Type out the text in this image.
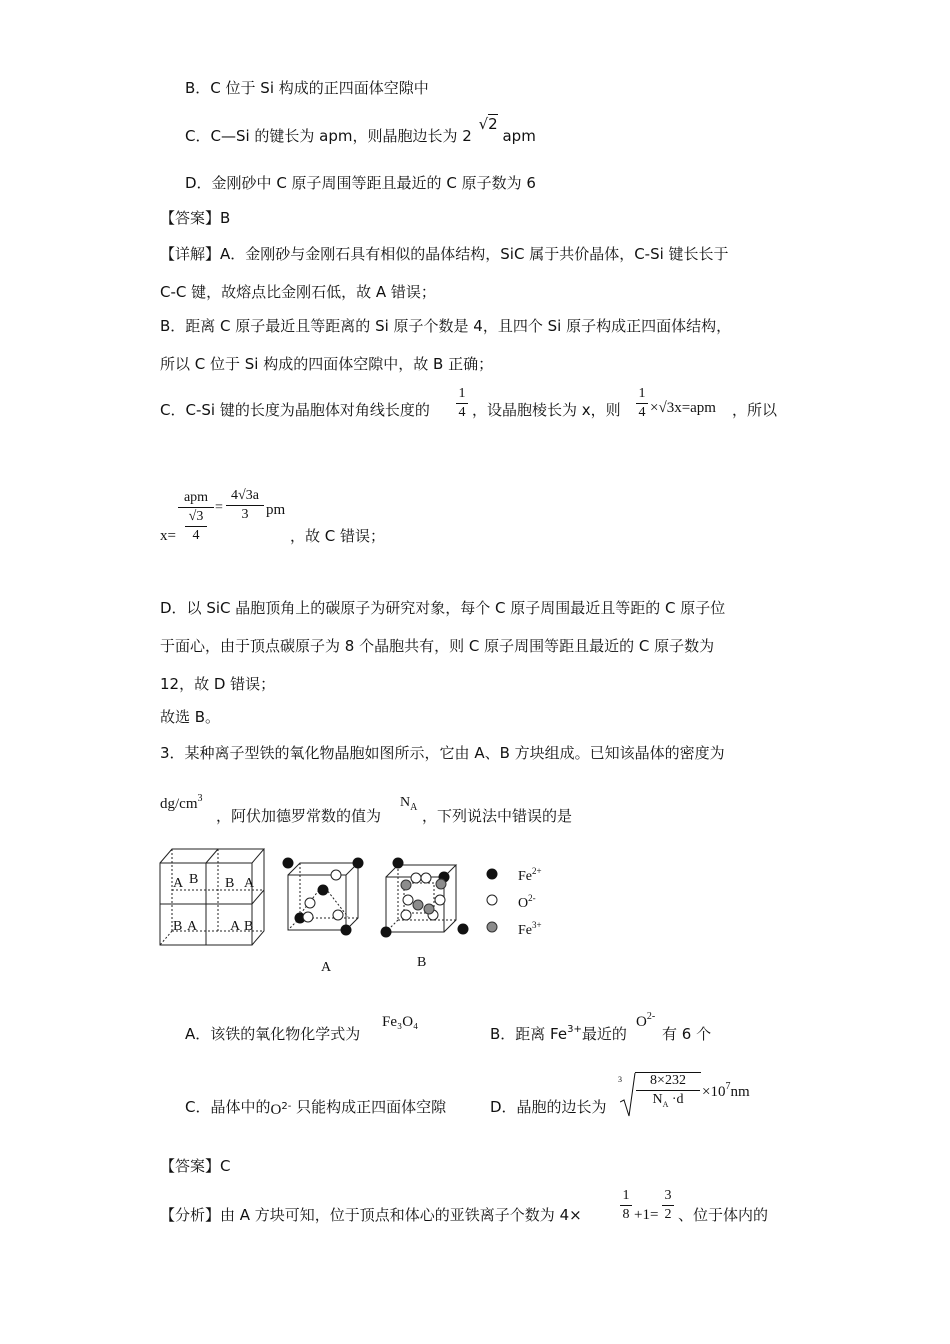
B．C 位于 Si 构成的正四面体空隙中
C．C—Si 的键长为 apm，则晶胞边长为 2 √2 apm
D．金刚砂中 C 原子周围等距且最近的 C 原子数为 6
【答案】B
【详解】A．金刚砂与金刚石具有相似的晶体结构，SiC 属于共价晶体，C-Si 键长长于
C-C 键，故熔点比金刚石低，故 A 错误；
B．距离 C 原子最近且等距离的 Si 原子个数是 4，且四个 Si 原子构成正四面体结构，
所以 C 位于 Si 构成的四面体空隙中，故 B 正确；
C．C-Si 键的长度为晶胞体对角线长度的
1
4 ，设晶胞棱长为 x，则
1
4 ×√3x=apm ，所以
x=
apm
√3
4
=
4√3a
3	pm
，故 C 错误；
D．以 SiC 晶胞顶角上的碳原子为研究对象，每个 C 原子周围最近且等距的 C 原子位
于面心，由于顶点碳原子为 8 个晶胞共有，则 C 原子周围等距且最近的 C 原子数为
12，故 D 错误；
故选 B。
3．某种离子型铁的氧化物晶胞如图所示，它由 A、B 方块组成。已知该晶体的密度为
$dg/cm^3$
，阿伏加德罗常数的值为
$N_A$ ，下列说法中错误的是
A B B A
B A A B
A	B
$Fe^{2+}$
$O^{2-}$
$Fe^{3+}$
A．该铁的氧化物化学式为
Fe₃O₄
B．距离 $Fe^{3+}$最近的
$O^{2-}$
有 6 个
C．晶体中的$O^{2-}$ 只能构成正四面体空隙	D．晶胞的边长为
3	8×232
$N_A \cdot d$	$\times 10^7nm$
【答案】C
【分析】由 A 方块可知，位于顶点和体心的亚铁离子个数为 4×
1
8 +1=
3
2 、位于体内的
